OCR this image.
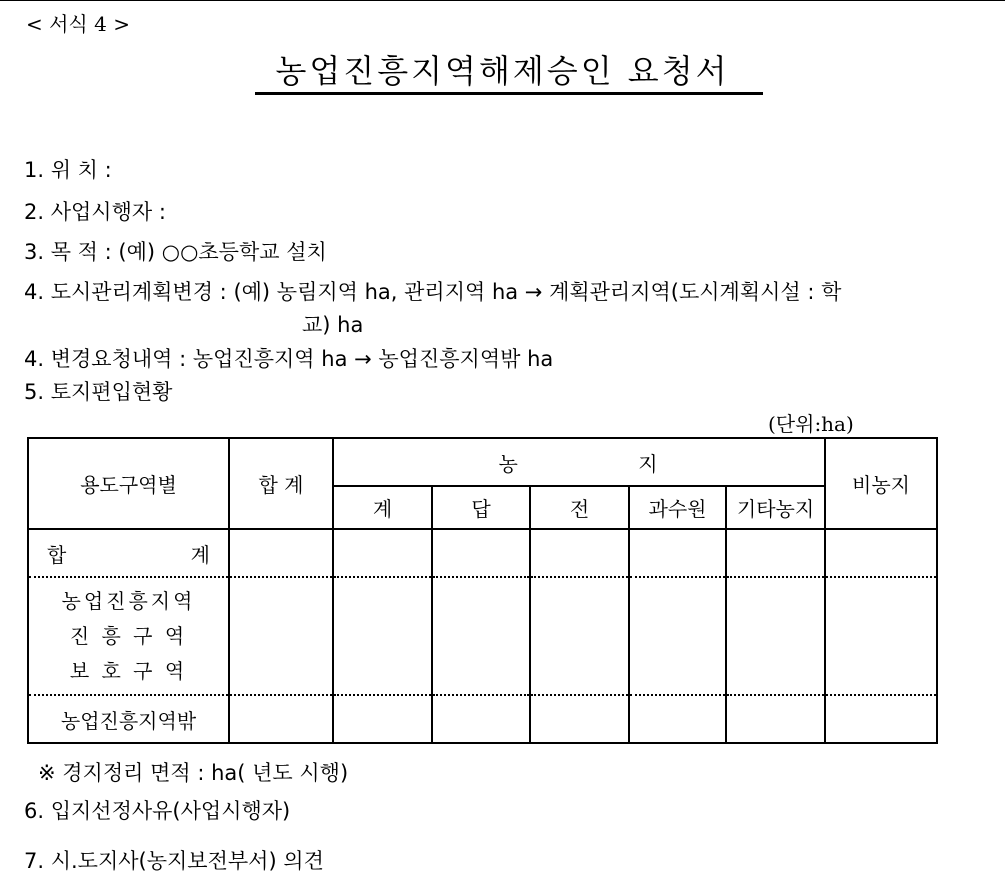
< 서식 4 >
농업진흥지역해제승인 요청서
1. 위 치 :
2. 사업시행자 :
3. 목 적 : (예) ○○초등학교 설치
4. 도시관리계획변경 : (예) 농림지역 ha, 관리지역 ha → 계획관리지역(도시계획시설 : 학
교) ha
4. 변경요청내역 : 농업진흥지역 ha → 농업진흥지역밖 ha
5. 토지편입현황
(단위:ha)
용도구역별	합 계	농 지					비농지
		계	답	전	과수원	기타농지	

합 계							

농업진흥지역
진 흥 구 역
보 호 구 역							

농업진흥지역밖							
※ 경지정리 면적 : ha( 년도 시행)
6. 입지선정사유(사업시행자)
7. 시.도지사(농지보전부서) 의견
